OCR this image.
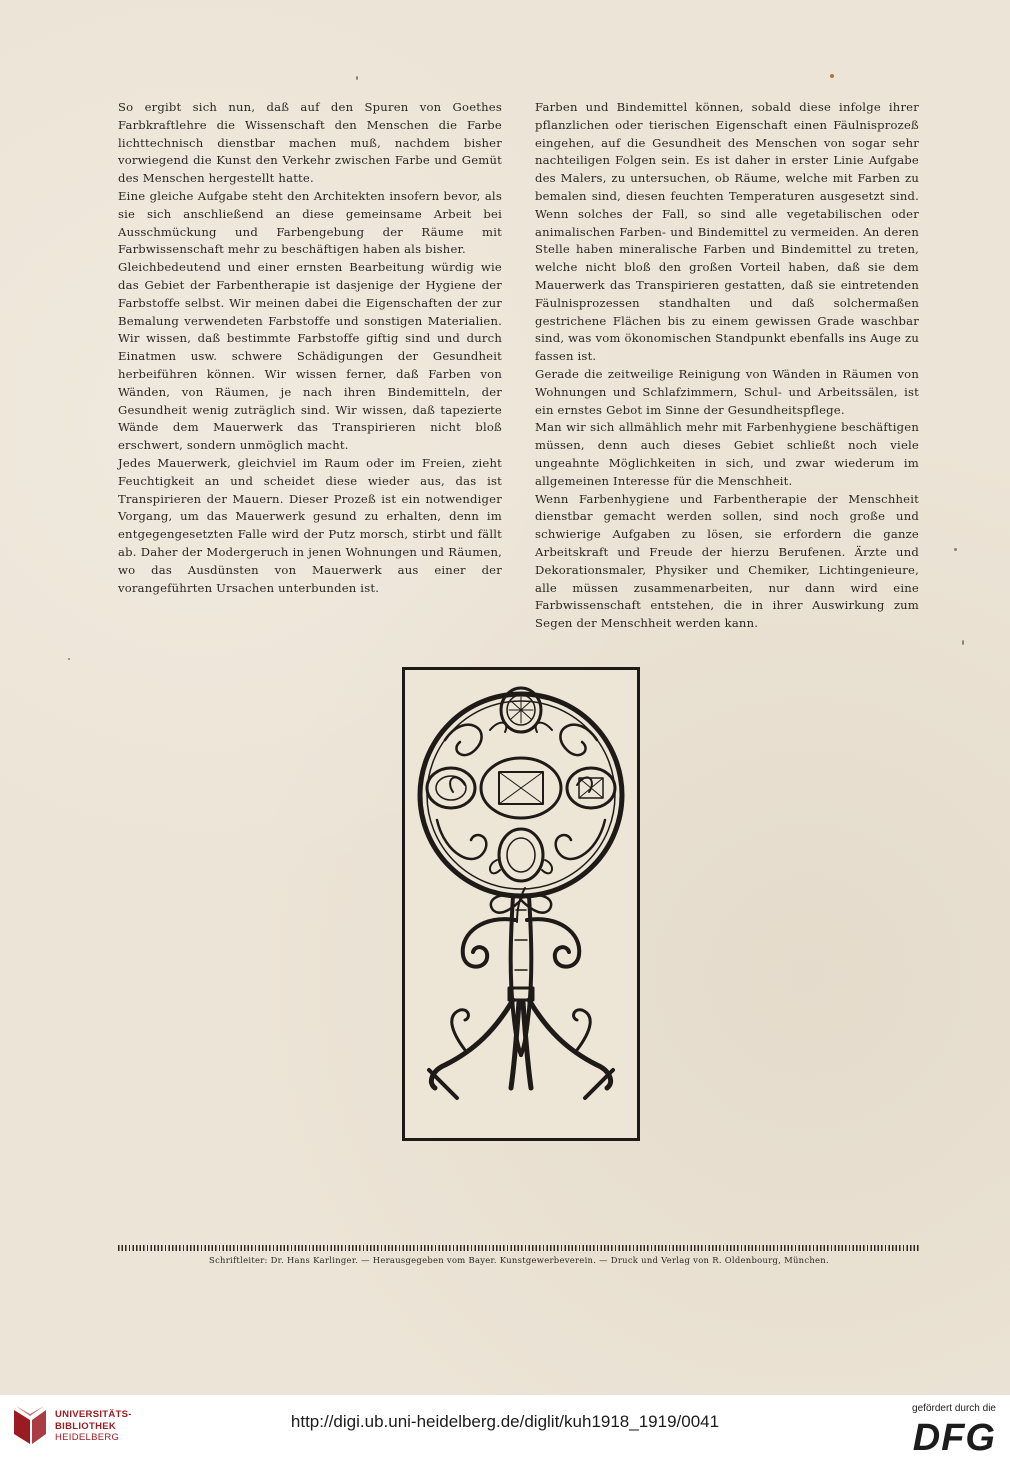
So ergibt sich nun, daß auf den Spuren von Goethes Farbkraftlehre die Wissenschaft den Menschen die Farbe lichttechnisch dienstbar machen muß, nachdem bisher vorwiegend die Kunst den Verkehr zwischen Farbe und Gemüt des Menschen hergestellt hatte.

Eine gleiche Aufgabe steht den Architekten insofern bevor, als sie sich anschließend an diese gemeinsame Arbeit bei Ausschmückung und Farbengebung der Räume mit Farbwissenschaft mehr zu beschäftigen haben als bisher.

Gleichbedeutend und einer ernsten Bearbeitung würdig wie das Gebiet der Farbentherapie ist dasjenige der Hygiene der Farbstoffe selbst. Wir meinen dabei die Eigenschaften der zur Bemalung verwendeten Farbstoffe und sonstigen Materialien. Wir wissen, daß bestimmte Farbstoffe giftig sind und durch Einatmen usw. schwere Schädigungen der Gesundheit herbeiführen können. Wir wissen ferner, daß Farben von Wänden, von Räumen, je nach ihren Bindemitteln, der Gesundheit wenig zuträglich sind. Wir wissen, daß tapezierte Wände dem Mauerwerk das Transpirieren nicht bloß erschwert, sondern unmöglich macht.

Jedes Mauerwerk, gleichviel im Raum oder im Freien, zieht Feuchtigkeit an und scheidet diese wieder aus, das ist Transpirieren der Mauern. Dieser Prozeß ist ein notwendiger Vorgang, um das Mauerwerk gesund zu erhalten, denn im entgegengesetzten Falle wird der Putz morsch, stirbt und fällt ab. Daher der Modergeruch in jenen Wohnungen und Räumen, wo das Ausdünsten von Mauerwerk aus einer der vorangeführten Ursachen unterbunden ist.

Farben und Bindemittel können, sobald diese infolge ihrer pflanzlichen oder tierischen Eigenschaft einen Fäulnisprozeß eingehen, auf die Gesundheit des Menschen von sogar sehr nachteiligen Folgen sein. Es ist daher in erster Linie Aufgabe des Malers, zu untersuchen, ob Räume, welche mit Farben zu bemalen sind, diesen feuchten Temperaturen ausgesetzt sind. Wenn solches der Fall, so sind alle vegetabilischen oder animalischen Farben- und Bindemittel zu vermeiden. An deren Stelle haben mineralische Farben und Bindemittel zu treten, welche nicht bloß den großen Vorteil haben, daß sie dem Mauerwerk das Transpirieren gestatten, daß sie eintretenden Fäulnisprozessen standhalten und daß solchermaßen gestrichene Flächen bis zu einem gewissen Grade waschbar sind, was vom ökonomischen Standpunkt ebenfalls ins Auge zu fassen ist.

Gerade die zeitweilige Reinigung von Wänden in Räumen von Wohnungen und Schlafzimmern, Schul- und Arbeitssälen, ist ein ernstes Gebot im Sinne der Gesundheitspflege.

Man wir sich allmählich mehr mit Farbenhygiene beschäftigen müssen, denn auch dieses Gebiet schließt noch viele ungeahnte Möglichkeiten in sich, und zwar wiederum im allgemeinen Interesse für die Menschheit.

Wenn Farbenhygiene und Farbentherapie der Menschheit dienstbar gemacht werden sollen, sind noch große und schwierige Aufgaben zu lösen, sie erfordern die ganze Arbeitskraft und Freude der hierzu Berufenen. Ärzte und Dekorationsmaler, Physiker und Chemiker, Lichtingenieure, alle müssen zusammenarbeiten, nur dann wird eine Farbwissenschaft entstehen, die in ihrer Auswirkung zum Segen der Menschheit werden kann.

Schriftleiter: Dr. Hans Karlinger. — Herausgegeben vom Bayer. Kunstgewerbeverein. — Druck und Verlag von R. Oldenbourg, München.
UNIVERSITÄTS-
BIBLIOTHEK
HEIDELBERG
http://digi.ub.uni-heidelberg.de/diglit/kuh1918_1919/0041
gefördert durch die
DFG
